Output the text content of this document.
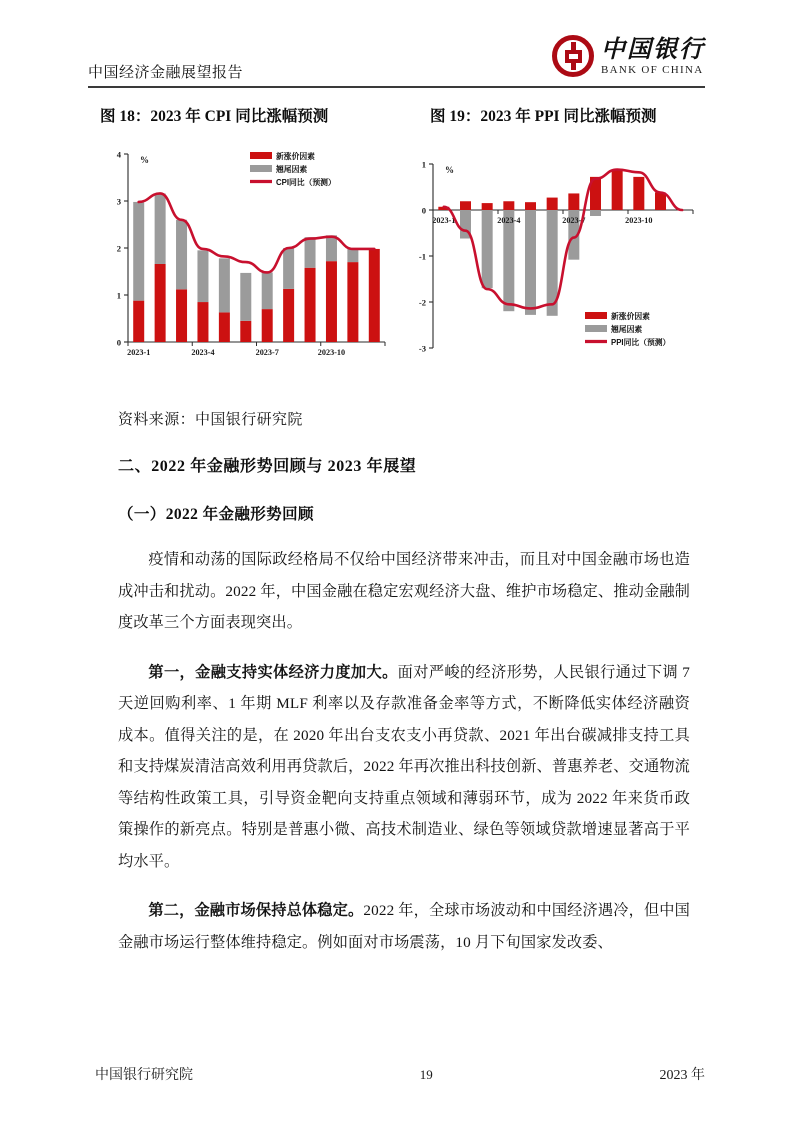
中国经济金融展望报告
中国银行
BANK OF CHINA
图 18：2023 年 CPI 同比涨幅预测	图 19：2023 年 PPI 同比涨幅预测
0
1
2
3
4
%
2023-1	2023-4	2023-7	2023-10
新涨价因素
翘尾因素
CPI同比（预测）
1
0
-1
-2
-3
%
2023-1	2023-4	2023-7	2023-10
新涨价因素
翘尾因素
PPI同比（预测）

资料来源：中国银行研究院

二、2022 年金融形势回顾与 2023 年展望
（一）2022 年金融形势回顾

疫情和动荡的国际政经格局不仅给中国经济带来冲击，而且对中国金融市场也造成冲击和扰动。2022 年，中国金融在稳定宏观经济大盘、维护市场稳定、推动金融制度改革三个方面表现突出。

第一，金融支持实体经济力度加大。面对严峻的经济形势，人民银行通过下调 7 天逆回购利率、1 年期 MLF 利率以及存款准备金率等方式，不断降低实体经济融资成本。值得关注的是，在 2020 年出台支农支小再贷款、2021 年出台碳减排支持工具和支持煤炭清洁高效利用再贷款后，2022 年再次推出科技创新、普惠养老、交通物流等结构性政策工具，引导资金靶向支持重点领域和薄弱环节，成为 2022 年来货币政策操作的新亮点。特别是普惠小微、高技术制造业、绿色等领域贷款增速显著高于平均水平。

第二，金融市场保持总体稳定。2022 年，全球市场波动和中国经济遇冷，但中国金融市场运行整体维持稳定。例如面对市场震荡，10 月下旬国家发改委、

中国银行研究院	19	2023 年
